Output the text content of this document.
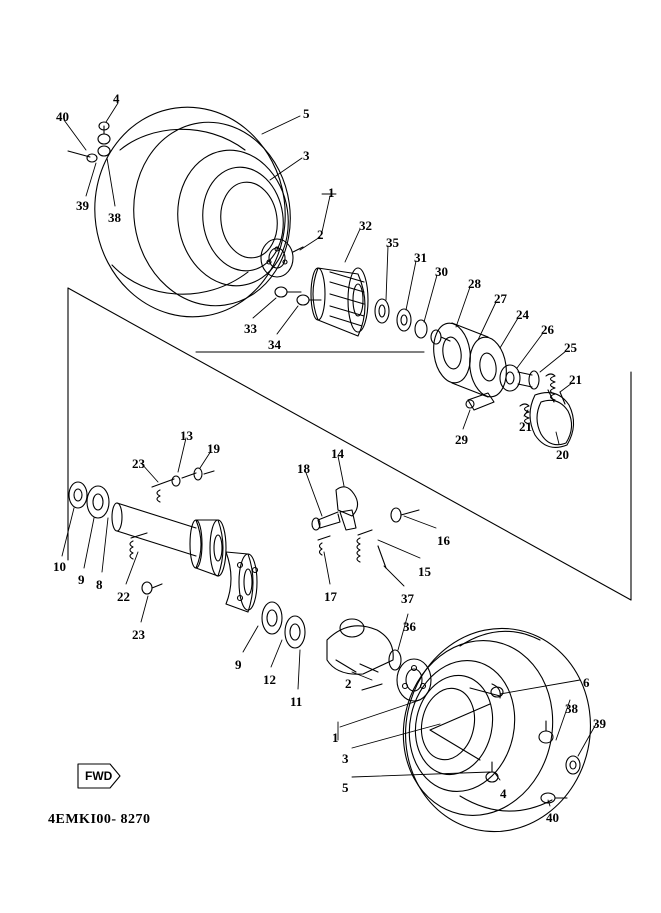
FWD
4EMKI00- 8270
40
4
5
39
38
3
1
32
2
35
31
30
28
27
24
26
25
21
33
34
29
21
20
13
19
23
14
18
16
10
9 8
22
23
17
15
37
9
12
11
36
2	6
38
39
1
3
5	4
40
